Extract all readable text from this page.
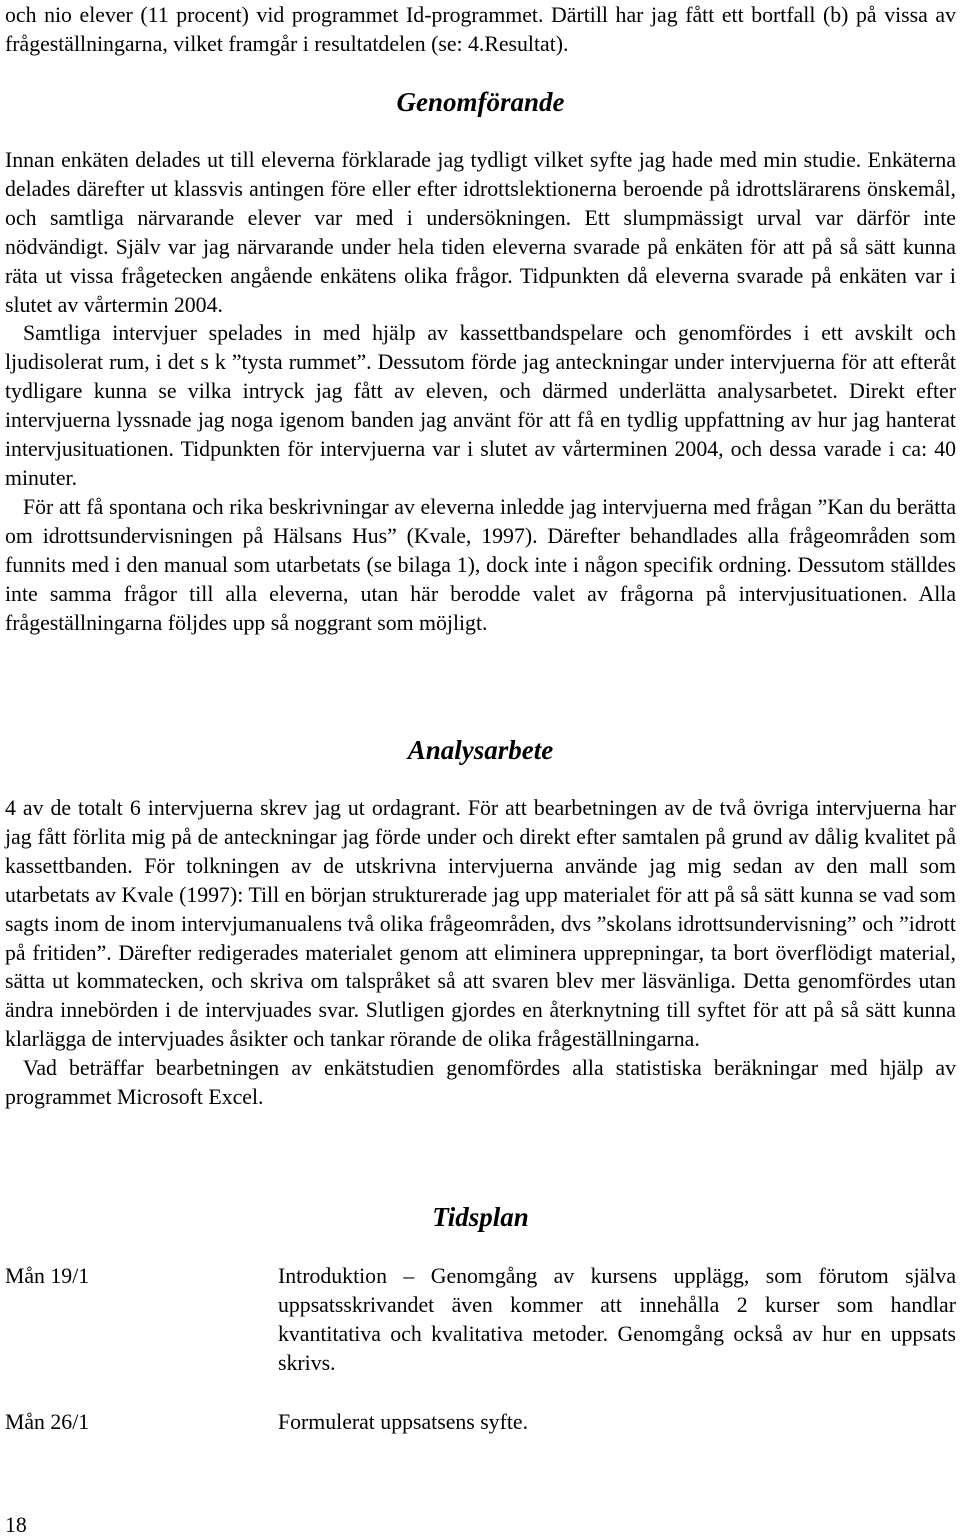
och nio elever (11 procent) vid programmet Id-programmet. Därtill har jag fått ett bortfall (b) på vissa av frågeställningarna, vilket framgår i resultatdelen (se: 4.Resultat).

Genomförande

Innan enkäten delades ut till eleverna förklarade jag tydligt vilket syfte jag hade med min studie. Enkäterna delades därefter ut klassvis antingen före eller efter idrottslektionerna beroende på idrottslärarens önskemål, och samtliga närvarande elever var med i undersökningen. Ett slumpmässigt urval var därför inte nödvändigt. Själv var jag närvarande under hela tiden eleverna svarade på enkäten för att på så sätt kunna räta ut vissa frågetecken angående enkätens olika frågor. Tidpunkten då eleverna svarade på enkäten var i slutet av vårtermin 2004.

Samtliga intervjuer spelades in med hjälp av kassettbandspelare och genomfördes i ett avskilt och ljudisolerat rum, i det s k ”tysta rummet”. Dessutom förde jag anteckningar under intervjuerna för att efteråt tydligare kunna se vilka intryck jag fått av eleven, och därmed underlätta analysarbetet. Direkt efter intervjuerna lyssnade jag noga igenom banden jag använt för att få en tydlig uppfattning av hur jag hanterat intervjusituationen. Tidpunkten för intervjuerna var i slutet av vårterminen 2004, och dessa varade i ca: 40 minuter.

För att få spontana och rika beskrivningar av eleverna inledde jag intervjuerna med frågan ”Kan du berätta om idrottsundervisningen på Hälsans Hus” (Kvale, 1997). Därefter behandlades alla frågeområden som funnits med i den manual som utarbetats (se bilaga 1), dock inte i någon specifik ordning. Dessutom ställdes inte samma frågor till alla eleverna, utan här berodde valet av frågorna på intervjusituationen. Alla frågeställningarna följdes upp så noggrant som möjligt.

Analysarbete

4 av de totalt 6 intervjuerna skrev jag ut ordagrant. För att bearbetningen av de två övriga intervjuerna har jag fått förlita mig på de anteckningar jag förde under och direkt efter samtalen på grund av dålig kvalitet på kassettbanden. För tolkningen av de utskrivna intervjuerna använde jag mig sedan av den mall som utarbetats av Kvale (1997): Till en början strukturerade jag upp materialet för att på så sätt kunna se vad som sagts inom de inom intervjumanualens två olika frågeområden, dvs ”skolans idrottsundervisning” och ”idrott på fritiden”. Därefter redigerades materialet genom att eliminera upprepningar, ta bort överflödigt material, sätta ut kommatecken, och skriva om talspråket så att svaren blev mer läsvänliga. Detta genomfördes utan ändra innebörden i de intervjuades svar. Slutligen gjordes en återknytning till syftet för att på så sätt kunna klarlägga de intervjuades åsikter och tankar rörande de olika frågeställningarna.

Vad beträffar bearbetningen av enkätstudien genomfördes alla statistiska beräkningar med hjälp av programmet Microsoft Excel.

Tidsplan
Mån 19/1	Introduktion – Genomgång av kursens upplägg, som förutom själva uppsatsskrivandet även kommer att innehålla 2 kurser som handlar kvantitativa och kvalitativa metoder. Genomgång också av hur en uppsats skrivs.
Mån 26/1	Formulerat uppsatsens syfte.
18
